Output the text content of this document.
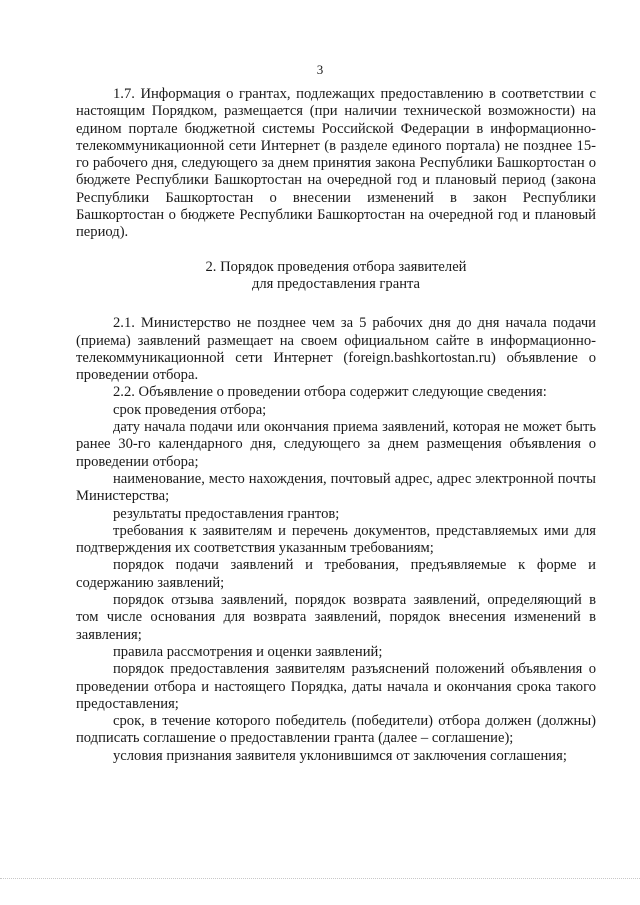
3

1.7. Информация о грантах, подлежащих предоставлению в соответствии с настоящим Порядком, размещается (при наличии технической возможности) на едином портале бюджетной системы Российской Федерации в информационно-телекоммуникационной сети Интернет (в разделе единого портала) не позднее 15-го рабочего дня, следующего за днем принятия закона Республики Башкортостан о бюджете Республики Башкортостан на очередной год и плановый период (закона Республики Башкортостан о внесении изменений в закон Республики Башкортостан о бюджете Республики Башкортостан на очередной год и плановый период).

2. Порядок проведения отбора заявителей
для предоставления гранта

2.1. Министерство не позднее чем за 5 рабочих дня до дня начала подачи (приема) заявлений размещает на своем официальном сайте в информационно-телекоммуникационной сети Интернет (foreign.bashkortostan.ru) объявление о проведении отбора.

2.2. Объявление о проведении отбора содержит следующие сведения:

срок проведения отбора;

дату начала подачи или окончания приема заявлений, которая не может быть ранее 30-го календарного дня, следующего за днем размещения объявления о проведении отбора;

наименование, место нахождения, почтовый адрес, адрес электронной почты Министерства;

результаты предоставления грантов;

требования к заявителям и перечень документов, представляемых ими для подтверждения их соответствия указанным требованиям;

порядок подачи заявлений и требования, предъявляемые к форме и содержанию заявлений;

порядок отзыва заявлений, порядок возврата заявлений, определяющий в том числе основания для возврата заявлений, порядок внесения изменений в заявления;

правила рассмотрения и оценки заявлений;

порядок предоставления заявителям разъяснений положений объявления о проведении отбора и настоящего Порядка, даты начала и окончания срока такого предоставления;

срок, в течение которого победитель (победители) отбора должен (должны) подписать соглашение о предоставлении гранта (далее – соглашение);

условия признания заявителя уклонившимся от заключения соглашения;
